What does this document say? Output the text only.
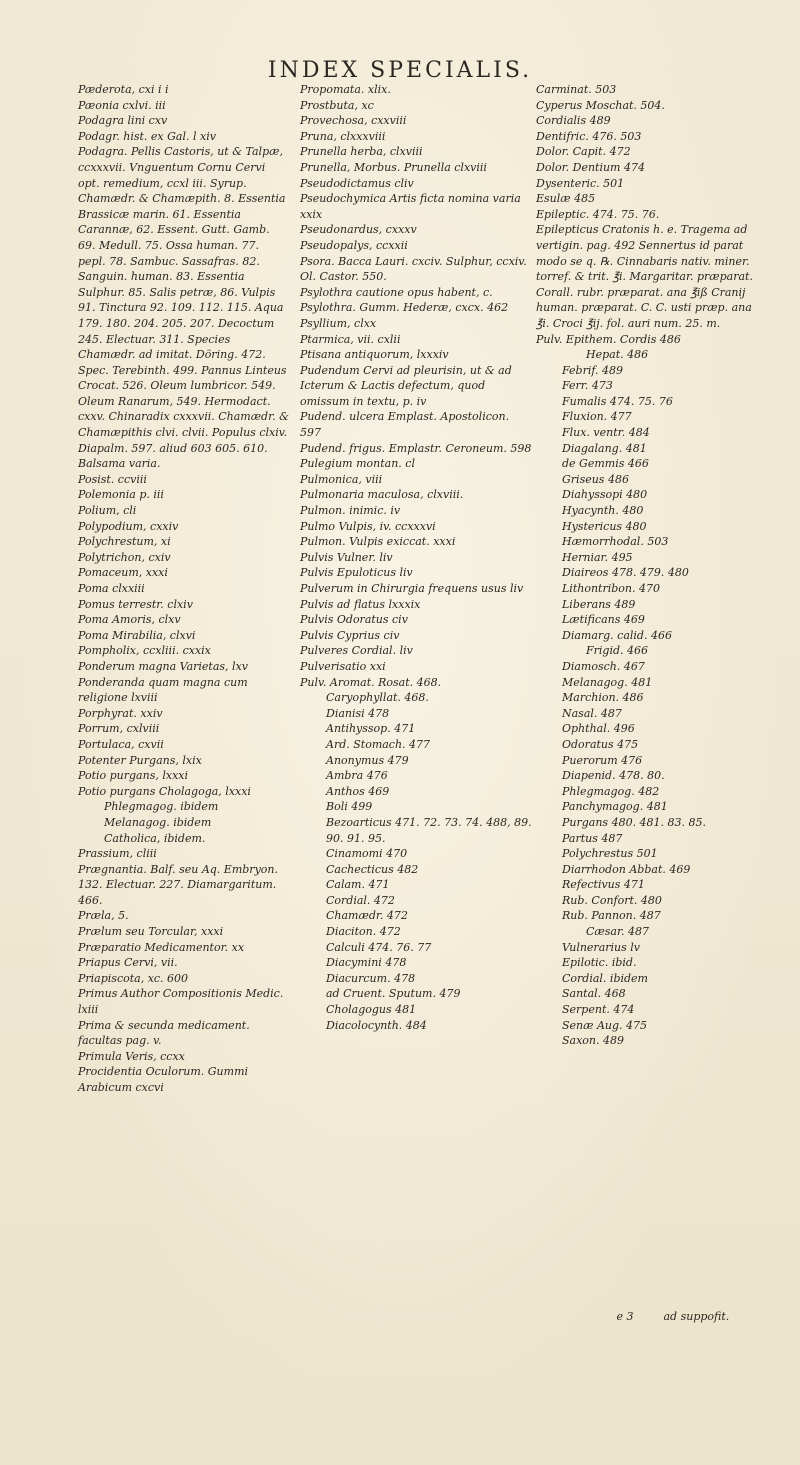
INDEX SPECIALIS.

Pæderota, cxi i i

Pæonia cxlvi. iii

Podagra lini cxv

Podagr. hist. ex Gal. l xiv

Podagra. Pellis Castoris, ut & Talpæ, ccxxxvii. Vnguentum Cornu Cervi opt. remedium, ccxl iii. Syrup. Chamædr. & Chamæpith. 8. Essentia Brassicæ marin. 61. Essentia Carannæ, 62. Essent. Gutt. Gamb. 69. Medull. 75. Ossa human. 77. pepl. 78. Sambuc. Sassafras. 82. Sanguin. human. 83. Essentia Sulphur. 85. Salis petræ, 86. Vulpis 91. Tinctura 92. 109. 112. 115. Aqua 179. 180. 204. 205. 207. Decoctum 245. Electuar. 311. Species Chamædr. ad imitat. Döring. 472. Spec. Terebinth. 499. Pannus Linteus Crocat. 526. Oleum lumbricor. 549. Oleum Ranarum, 549. Hermodact. cxxv. Chinaradix cxxxvii. Chamædr. & Chamæpithis clvi. clvii. Populus clxiv. Diapalm. 597. aliud 603 605. 610. Balsama varia.

Posist. ccviii

Polemonia p. iii

Polium, cli

Polypodium, cxxiv

Polychrestum, xi

Polytrichon, cxiv

Pomaceum, xxxi

Poma clxxiii

Pomus terrestr. clxiv

Poma Amoris, clxv

Poma Mirabilia, clxvi

Pompholix, ccxliii. cxxix

Ponderum magna Varietas, lxv

Ponderanda quam magna cum religione lxviii

Porphyrat. xxiv

Porrum, cxlviii

Portulaca, cxvii

Potenter Purgans, lxix

Potio purgans, lxxxi

Potio purgans Cholagoga, lxxxi

Phlegmagog. ibidem

Melanagog. ibidem

Catholica, ibidem.

Prassium, cliii

Prægnantia. Balf. seu Aq. Embryon. 132. Electuar. 227. Diamargaritum. 466.

Præla, 5.

Prælum seu Torcular, xxxi

Præparatio Medicamentor. xx

Priapus Cervi, vii.

Priapiscota, xc. 600

Primus Author Compositionis Medic. lxiii

Prima & secunda medicament. facultas pag. v.

Primula Veris, ccxx

Procidentia Oculorum. Gummi Arabicum cxcvi

Propomata. xlix.

Prostbuta, xc

Provechosa, cxxviii

Pruna, clxxxviii

Prunella herba, clxviii

Prunella, Morbus. Prunella clxviii

Pseudodictamus cliv

Pseudochymica Artis ficta nomina varia xxix

Pseudonardus, cxxxv

Pseudopalys, ccxxii

Psora. Bacca Lauri. cxciv. Sulphur, ccxiv. Ol. Castor. 550.

Psylothra cautione opus habent, c.

Psylothra. Gumm. Hederæ, cxcx. 462

Psyllium, clxx

Ptarmica, vii. cxlii

Ptisana antiquorum, lxxxiv

Pudendum Cervi ad pleurisin, ut & ad Icterum & Lactis defectum, quod omissum in textu, p. iv

Pudend. ulcera Emplast. Apostolicon. 597

Pudend. frigus. Emplastr. Ceroneum. 598

Pulegium montan. cl

Pulmonica, viii

Pulmonaria maculosa, clxviii.

Pulmon. inimic. iv

Pulmo Vulpis, iv. ccxxxvi

Pulmon. Vulpis exiccat. xxxi

Pulvis Vulner. liv

Pulvis Epuloticus liv

Pulverum in Chirurgia frequens usus liv

Pulvis ad flatus lxxxix

Pulvis Odoratus civ

Pulvis Cyprius civ

Pulveres Cordial. liv

Pulverisatio xxi

Pulv. Aromat. Rosat. 468.

Caryophyllat. 468.

Dianisi 478

Antihyssop. 471

Ard. Stomach. 477

Anonymus 479

Ambra 476

Anthos 469

Boli 499

Bezoarticus 471. 72. 73. 74. 488, 89. 90. 91. 95.

Cinamomi 470

Cachecticus 482

Calam. 471

Cordial. 472

Chamædr. 472

Diaciton. 472

Calculi 474. 76. 77

Diacymini 478

Diacurcum. 478

ad Cruent. Sputum. 479

Cholagogus 481

Diacolocynth. 484

Carminat. 503

Cyperus Moschat. 504.

Cordialis 489

Dentifric. 476. 503

Dolor. Capit. 472

Dolor. Dentium 474

Dysenteric. 501

Esulæ 485

Epileptic. 474. 75. 76.

Epilepticus Cratonis h. e. Tragema ad vertigin. pag. 492 Sennertus id parat modo se q. ℞. Cinnabaris nativ. miner. torref. & trit. ℥i. Margaritar. præparat. Corall. rubr. præparat. ana ℥iß Cranij human. præparat. C. C. usti præp. ana ℥i. Croci ℥ij. fol. auri num. 25. m.

Pulv. Epithem. Cordis 486

Hepat. 486

Febrif. 489

Ferr. 473

Fumalis 474. 75. 76

Fluxion. 477

Flux. ventr. 484

Diagalang. 481

de Gemmis 466

Griseus 486

Diahyssopi 480

Hyacynth. 480

Hystericus 480

Hæmorrhodal. 503

Herniar. 495

Diaireos 478. 479. 480

Lithontribon. 470

Liberans 489

Lætificans 469

Diamarg. calid. 466

Frigid. 466

Diamosch. 467

Melanagog. 481

Marchion. 486

Nasal. 487

Ophthal. 496

Odoratus 475

Puerorum 476

Diapenid. 478. 80.

Phlegmagog. 482

Panchymagog. 481

Purgans 480. 481. 83. 85.

Partus 487

Polychrestus 501

Diarrhodon Abbat. 469

Refectivus 471

Rub. Confort. 480

Rub. Pannon. 487

Cæsar. 487

Vulnerarius lv

Epilotic. ibid.

Cordial. ibidem

Santal. 468

Serpent. 474

Senæ Aug. 475

Saxon. 489

e 3	ad suppofit.
